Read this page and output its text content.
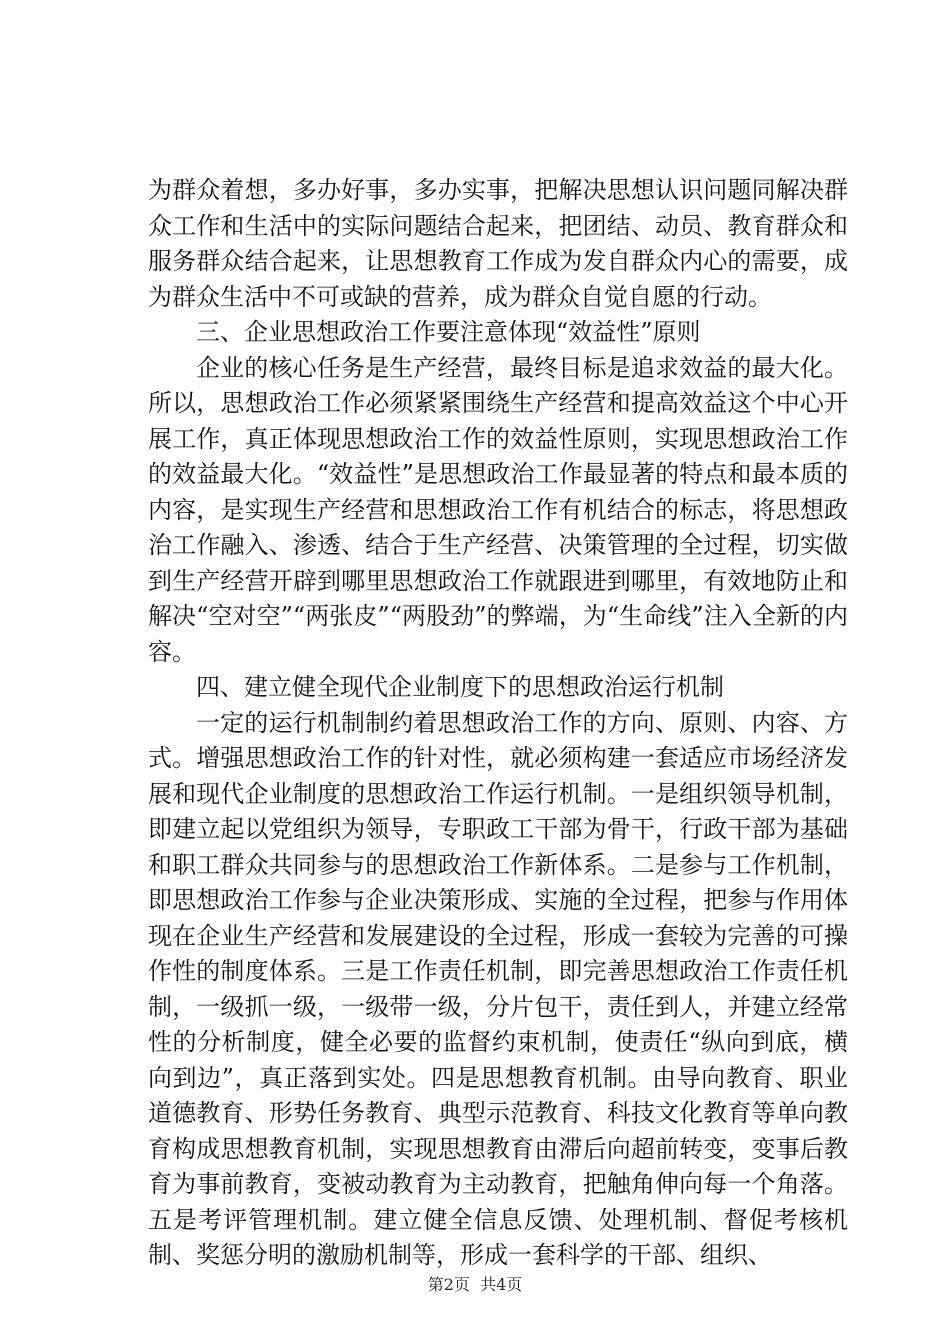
为群众着想，多办好事，多办实事，把解决思想认识问题同解决群众工作和生活中的实际问题结合起来，把团结、动员、教育群众和服务群众结合起来，让思想教育工作成为发自群众内心的需要，成为群众生活中不可或缺的营养，成为群众自觉自愿的行动。

三、企业思想政治工作要注意体现“效益性”原则

企业的核心任务是生产经营，最终目标是追求效益的最大化。所以，思想政治工作必须紧紧围绕生产经营和提高效益这个中心开展工作，真正体现思想政治工作的效益性原则，实现思想政治工作的效益最大化。“效益性”是思想政治工作最显著的特点和最本质的内容，是实现生产经营和思想政治工作有机结合的标志，将思想政治工作融入、渗透、结合于生产经营、决策管理的全过程，切实做到生产经营开辟到哪里思想政治工作就跟进到哪里，有效地防止和解决“空对空”“两张皮”“两股劲”的弊端，为“生命线”注入全新的内容。

四、建立健全现代企业制度下的思想政治运行机制

一定的运行机制制约着思想政治工作的方向、原则、内容、方式。增强思想政治工作的针对性，就必须构建一套适应市场经济发展和现代企业制度的思想政治工作运行机制。一是组织领导机制，即建立起以党组织为领导，专职政工干部为骨干，行政干部为基础和职工群众共同参与的思想政治工作新体系。二是参与工作机制，即思想政治工作参与企业决策形成、实施的全过程，把参与作用体现在企业生产经营和发展建设的全过程，形成一套较为完善的可操作性的制度体系。三是工作责任机制，即完善思想政治工作责任机制，一级抓一级，一级带一级，分片包干，责任到人，并建立经常性的分析制度，健全必要的监督约束机制，使责任“纵向到底，横向到边”，真正落到实处。四是思想教育机制。由导向教育、职业道德教育、形势任务教育、典型示范教育、科技文化教育等单向教育构成思想教育机制，实现思想教育由滞后向超前转变，变事后教育为事前教育，变被动教育为主动教育，把触角伸向每一个角落。五是考评管理机制。建立健全信息反馈、处理机制、督促考核机制、奖惩分明的激励机制等，形成一套科学的干部、组织、

第2页 共4页
